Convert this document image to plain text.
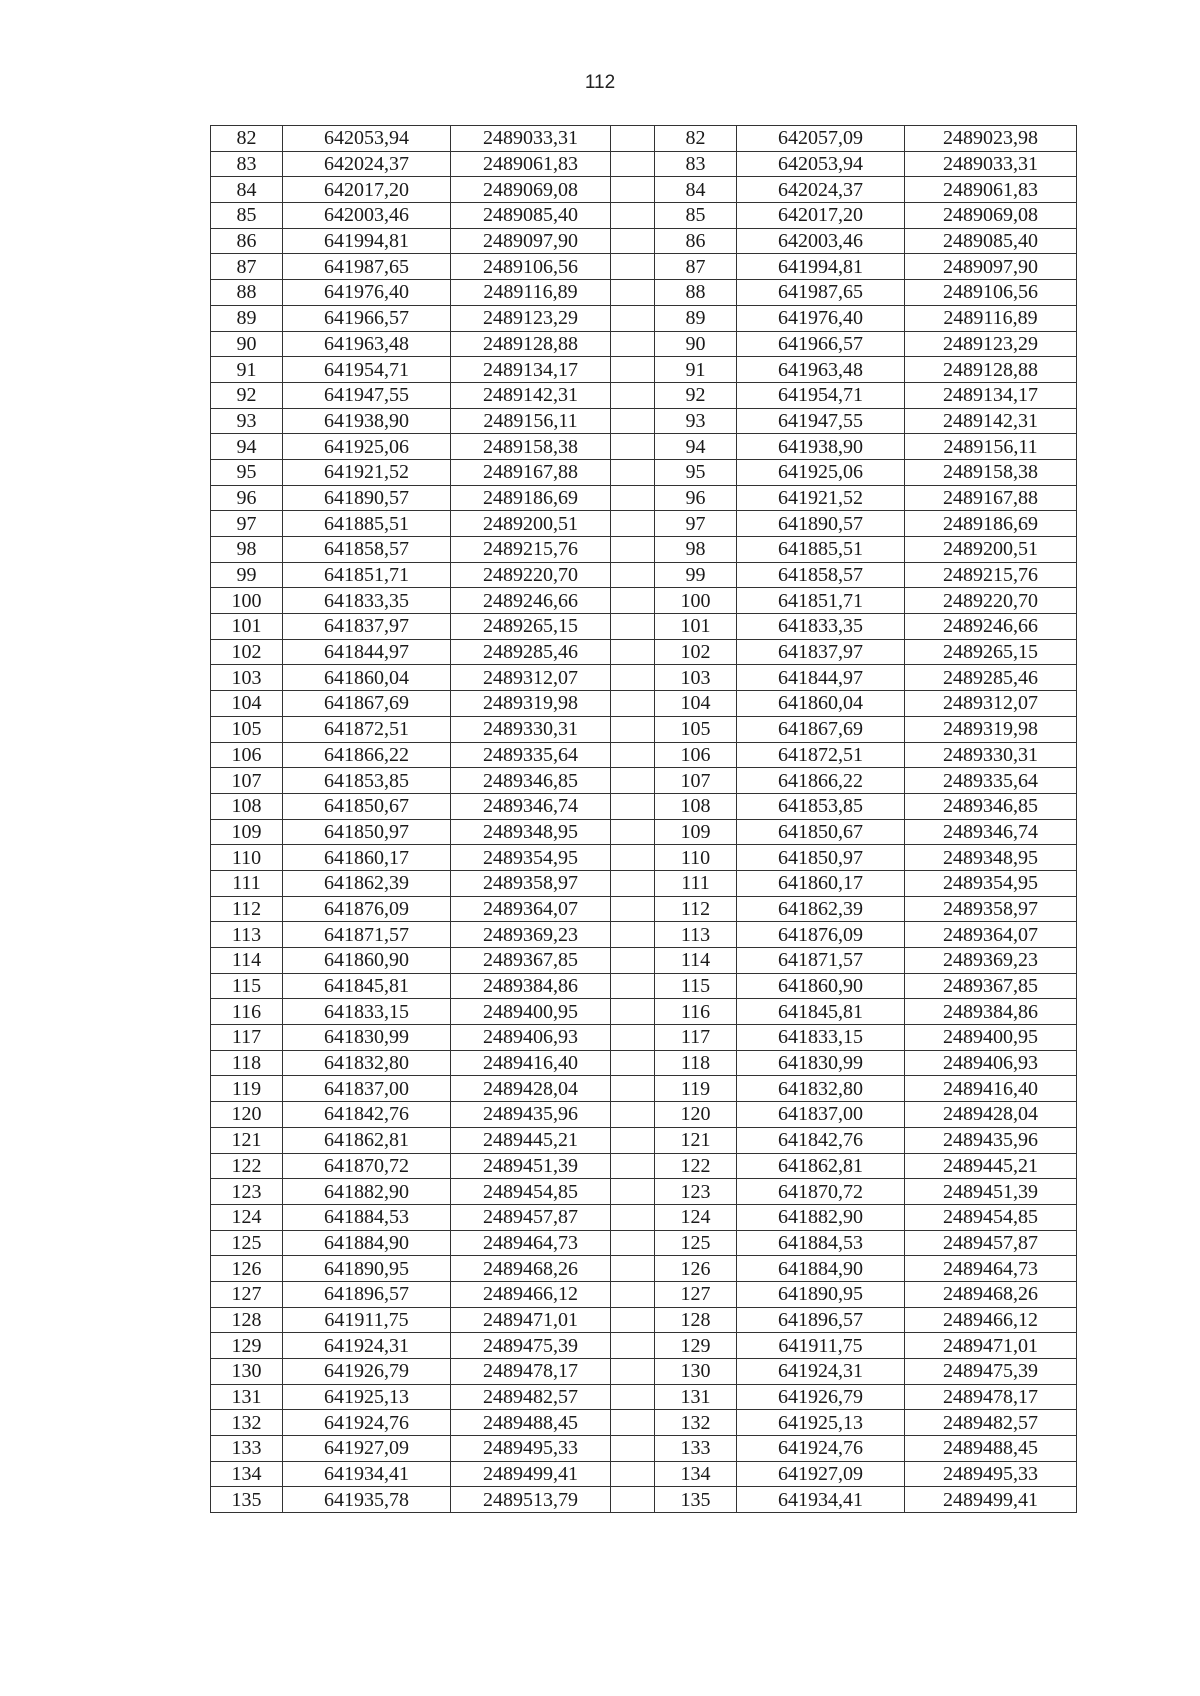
112
82	642053,94	2489033,31		82	642057,09	2489023,98
83	642024,37	2489061,83		83	642053,94	2489033,31
84	642017,20	2489069,08		84	642024,37	2489061,83
85	642003,46	2489085,40		85	642017,20	2489069,08
86	641994,81	2489097,90		86	642003,46	2489085,40
87	641987,65	2489106,56		87	641994,81	2489097,90
88	641976,40	2489116,89		88	641987,65	2489106,56
89	641966,57	2489123,29		89	641976,40	2489116,89
90	641963,48	2489128,88		90	641966,57	2489123,29
91	641954,71	2489134,17		91	641963,48	2489128,88
92	641947,55	2489142,31		92	641954,71	2489134,17
93	641938,90	2489156,11		93	641947,55	2489142,31
94	641925,06	2489158,38		94	641938,90	2489156,11
95	641921,52	2489167,88		95	641925,06	2489158,38
96	641890,57	2489186,69		96	641921,52	2489167,88
97	641885,51	2489200,51		97	641890,57	2489186,69
98	641858,57	2489215,76		98	641885,51	2489200,51
99	641851,71	2489220,70		99	641858,57	2489215,76
100	641833,35	2489246,66		100	641851,71	2489220,70
101	641837,97	2489265,15		101	641833,35	2489246,66
102	641844,97	2489285,46		102	641837,97	2489265,15
103	641860,04	2489312,07		103	641844,97	2489285,46
104	641867,69	2489319,98		104	641860,04	2489312,07
105	641872,51	2489330,31		105	641867,69	2489319,98
106	641866,22	2489335,64		106	641872,51	2489330,31
107	641853,85	2489346,85		107	641866,22	2489335,64
108	641850,67	2489346,74		108	641853,85	2489346,85
109	641850,97	2489348,95		109	641850,67	2489346,74
110	641860,17	2489354,95		110	641850,97	2489348,95
111	641862,39	2489358,97		111	641860,17	2489354,95
112	641876,09	2489364,07		112	641862,39	2489358,97
113	641871,57	2489369,23		113	641876,09	2489364,07
114	641860,90	2489367,85		114	641871,57	2489369,23
115	641845,81	2489384,86		115	641860,90	2489367,85
116	641833,15	2489400,95		116	641845,81	2489384,86
117	641830,99	2489406,93		117	641833,15	2489400,95
118	641832,80	2489416,40		118	641830,99	2489406,93
119	641837,00	2489428,04		119	641832,80	2489416,40
120	641842,76	2489435,96		120	641837,00	2489428,04
121	641862,81	2489445,21		121	641842,76	2489435,96
122	641870,72	2489451,39		122	641862,81	2489445,21
123	641882,90	2489454,85		123	641870,72	2489451,39
124	641884,53	2489457,87		124	641882,90	2489454,85
125	641884,90	2489464,73		125	641884,53	2489457,87
126	641890,95	2489468,26		126	641884,90	2489464,73
127	641896,57	2489466,12		127	641890,95	2489468,26
128	641911,75	2489471,01		128	641896,57	2489466,12
129	641924,31	2489475,39		129	641911,75	2489471,01
130	641926,79	2489478,17		130	641924,31	2489475,39
131	641925,13	2489482,57		131	641926,79	2489478,17
132	641924,76	2489488,45		132	641925,13	2489482,57
133	641927,09	2489495,33		133	641924,76	2489488,45
134	641934,41	2489499,41		134	641927,09	2489495,33
135	641935,78	2489513,79		135	641934,41	2489499,41
